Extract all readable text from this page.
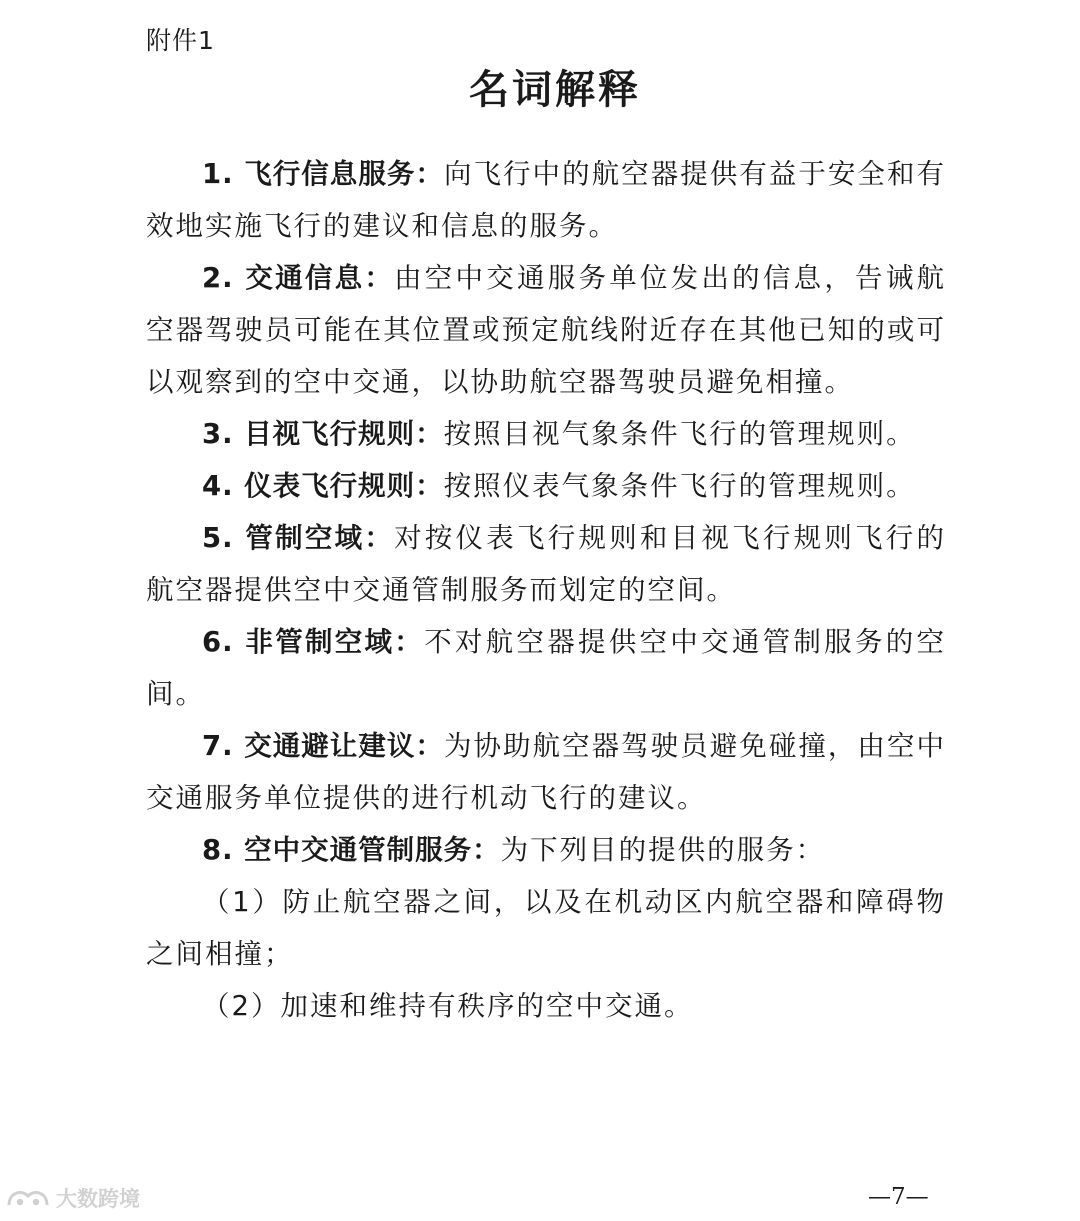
附件1
名词解释

1. 飞行信息服务：向飞行中的航空器提供有益于安全和有效地实施飞行的建议和信息的服务。

2. 交通信息：由空中交通服务单位发出的信息，告诫航空器驾驶员可能在其位置或预定航线附近存在其他已知的或可以观察到的空中交通，以协助航空器驾驶员避免相撞。

3. 目视飞行规则：按照目视气象条件飞行的管理规则。

4. 仪表飞行规则：按照仪表气象条件飞行的管理规则。

5. 管制空域：对按仪表飞行规则和目视飞行规则飞行的航空器提供空中交通管制服务而划定的空间。

6. 非管制空域：不对航空器提供空中交通管制服务的空间。

7. 交通避让建议：为协助航空器驾驶员避免碰撞，由空中交通服务单位提供的进行机动飞行的建议。

8. 空中交通管制服务：为下列目的提供的服务：

（1）防止航空器之间，以及在机动区内航空器和障碍物之间相撞；

（2）加速和维持有秩序的空中交通。

大数跨境	—7—
